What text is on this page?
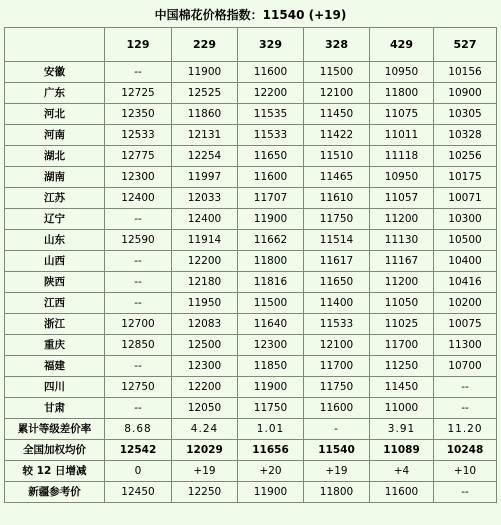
中国棉花价格指数：11540 (+19)
	129	229	329	328	429	527
安徽	--	11900	11600	11500	10950	10156
广东	12725	12525	12200	12100	11800	10900
河北	12350	11860	11535	11450	11075	10305
河南	12533	12131	11533	11422	11011	10328
湖北	12775	12254	11650	11510	11118	10256
湖南	12300	11997	11600	11465	10950	10175
江苏	12400	12033	11707	11610	11057	10071
辽宁	--	12400	11900	11750	11200	10300
山东	12590	11914	11662	11514	11130	10500
山西	--	12200	11800	11617	11167	10400
陕西	--	12180	11816	11650	11200	10416
江西	--	11950	11500	11400	11050	10200
浙江	12700	12083	11640	11533	11025	10075
重庆	12850	12500	12300	12100	11700	11300
福建	--	12300	11850	11700	11250	10700
四川	12750	12200	11900	11750	11450	--
甘肃	--	12050	11750	11600	11000	--
累计等级差价率	8.68	4.24	1.01	-	3.91	11.20
全国加权均价	12542	12029	11656	11540	11089	10248
较 12 日增减	0	+19	+20	+19	+4	+10
新疆参考价	12450	12250	11900	11800	11600	--
